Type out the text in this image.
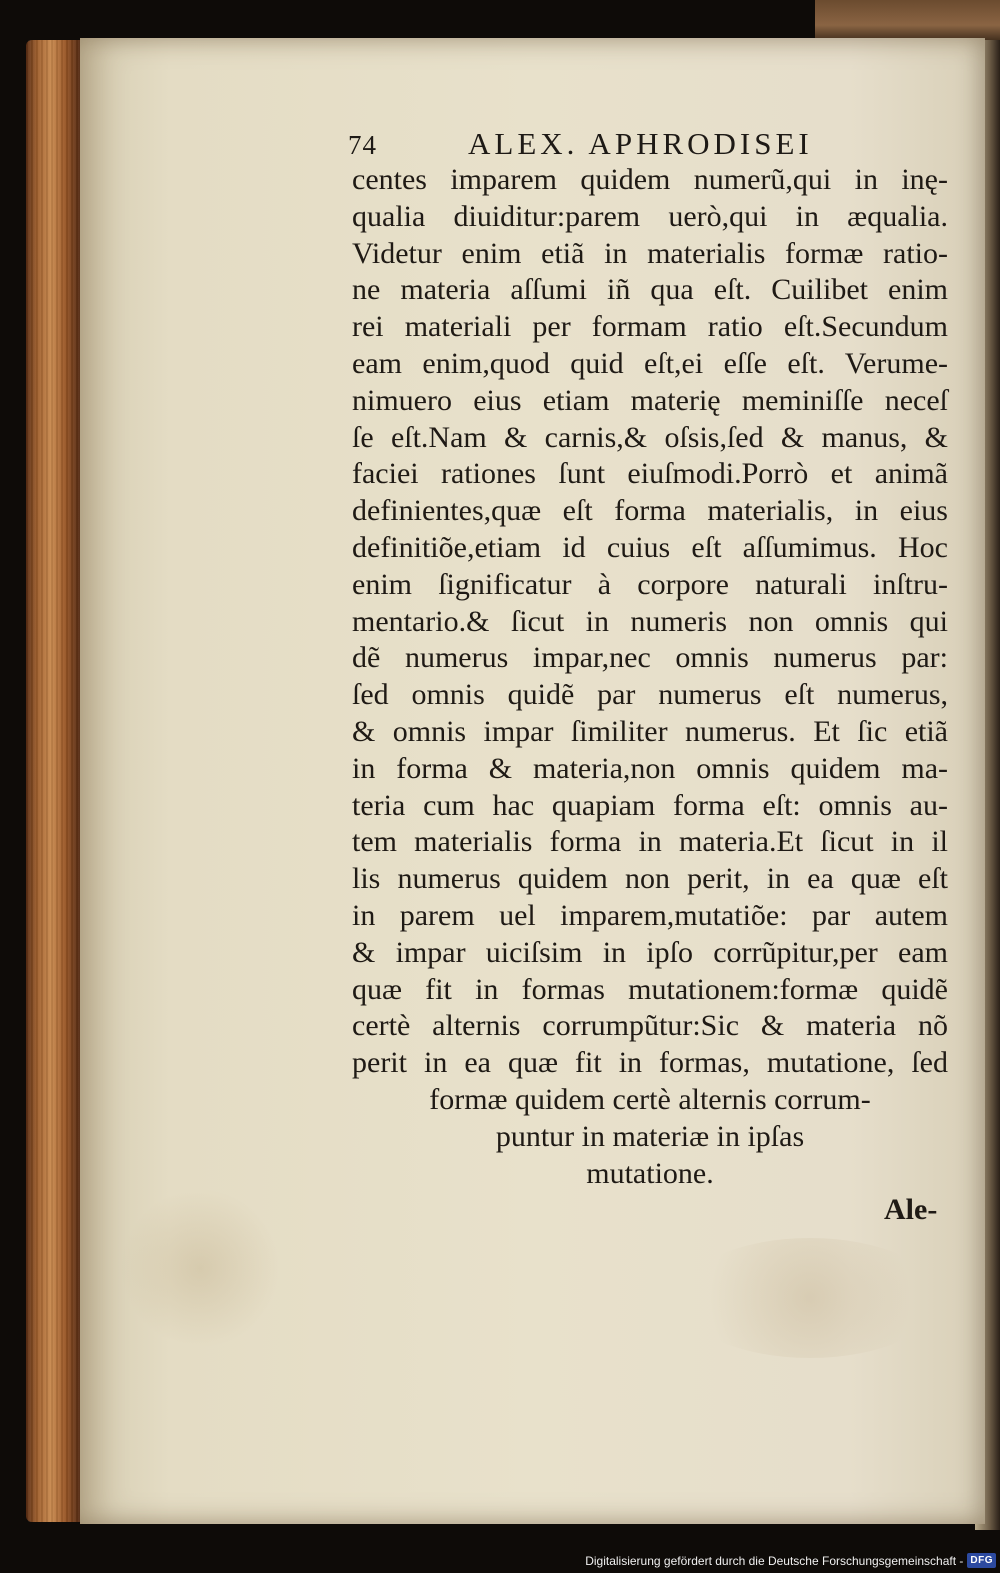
74	ALEX. APHRODISEI
centes imparem quidem numerũ,qui in inę-
qualia diuiditur:parem uerò,qui in æqualia.
Videtur enim etiã in materialis formæ ratio-
ne materia aſſumi iñ qua eſt. Cuilibet enim
rei materiali per formam ratio eſt.Secundum
eam enim,quod quid eſt,ei eſſe eſt. Verume-
nimuero eius etiam materię meminiſſe neceſ
ſe eſt.Nam & carnis,& oſsis,ſed & manus, &
faciei rationes ſunt eiuſmodi.Porrò et animã
definientes,quæ eſt forma materialis, in eius
definitiõe,etiam id cuius eſt aſſumimus. Hoc
enim ſignificatur à corpore naturali inſtru-
mentario.& ſicut in numeris non omnis qui
dẽ numerus impar,nec omnis numerus par:
ſed omnis quidẽ par numerus eſt numerus,
& omnis impar ſimiliter numerus. Et ſic etiã
in forma & materia,non omnis quidem ma-
teria cum hac quapiam forma eſt: omnis au-
tem materialis forma in materia.Et ſicut in il
lis numerus quidem non perit, in ea quæ eſt
in parem uel imparem,mutatiõe: par autem
& impar uiciſsim in ipſo corrũpitur,per eam
quæ fit in formas mutationem:formæ quidẽ
certè alternis corrumpũtur:Sic & materia nõ
perit in ea quæ fit in formas, mutatione, ſed
formæ quidem certè alternis corrum-
puntur in materiæ in ipſas
mutatione.
Ale-
Digitalisierung gefördert durch die Deutsche Forschungsgemeinschaft - DFG
